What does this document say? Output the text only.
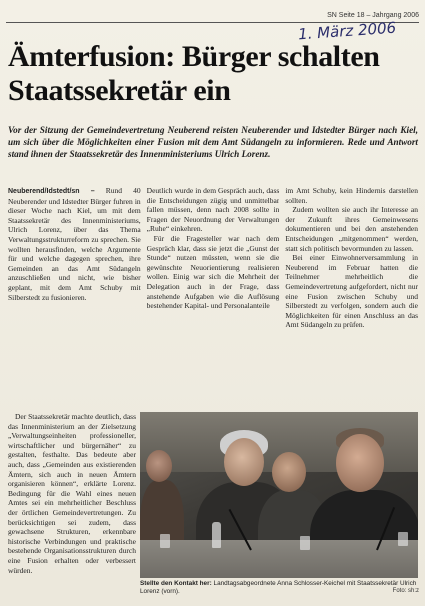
SN Seite 18 – Jahrgang 2006
1. März 2006
Ämterfusion: Bürger schalten Staatssekretär ein

Vor der Sitzung der Gemeindevertretung Neuberend reisten Neuberender und Idstedter Bürger nach Kiel, um sich über die Möglichkeiten einer Fusion mit dem Amt Südangeln zu informieren. Rede und Antwort stand ihnen der Staatssekretär des Innenministeriums Ulrich Lorenz.

Neuberend/Idstedt/sn – Rund 40 Neuberender und Idstedter Bürger fuhren in dieser Woche nach Kiel, um mit dem Staatssekretär des Innenministeriums, Ulrich Lorenz, über das Thema Verwaltungsstrukturreform zu sprechen. Sie wollten herausfinden, welche Argumente für und welche dagegen sprechen, ihre Gemeinden an das Amt Südangeln anzuschließen und nicht, wie bisher geplant, mit dem Amt Schuby mit Silberstedt zu fusionieren.

Deutlich wurde in dem Gespräch auch, dass die Entscheidungen zügig und unmittelbar fallen müssen, denn nach 2008 sollte in Fragen der Neuordnung der Verwaltungen „Ruhe“ einkehren.

Für die Fragesteller war nach dem Gespräch klar, dass sie jetzt die „Gunst der Stunde“ nutzen müssten, wenn sie die gewünschte Neuorientierung realisieren wollen. Einig war sich die Mehrheit der Delegation auch in der Frage, dass anstehende Aufgaben wie die Auflösung bestehender Kapital- und Personalanteile

im Amt Schuby, kein Hindernis darstellen sollten.

Zudem wollten sie auch ihr Interesse an der Zukunft ihres Gemeinwesens dokumentieren und bei den anstehenden Entscheidungen „mitgenommen“ werden, statt sich politisch bevormunden zu lassen.

Bei einer Einwohnerversammlung in Neuberend im Februar hatten die Teilnehmer mehrheitlich die Gemeindevertretung aufgefordert, nicht nur eine Fusion zwischen Schuby und Silberstedt zu verfolgen, sondern auch die Möglichkeiten für einen Anschluss an das Amt Südangeln zu prüfen.

Der Staatssekretär machte deutlich, dass das Innenministerium an der Zielsetzung „Verwaltungseinheiten professioneller, wirtschaftlicher und bürgernäher“ zu gestalten, festhalte. Das bedeute aber auch, dass „Gemeinden aus existierenden Ämtern, sich auch in neuen Ämtern organisieren können“, erklärte Lorenz. Bedingung für die Wahl eines neuen Amtes sei ein mehrheitlicher Beschluss der örtlichen Gemeindevertretungen. Zu berücksichtigen sei zudem, dass gewachsene Strukturen, erkennbare historische Verbindungen und praktische bestehende Organisationsstrukturen durch eine Fusion erhalten oder verbessert würden.

Stellte den Kontakt her: Landtagsabgeordnete Anna Schlosser-Keichel mit Staatssekretär Ulrich Lorenz (vorn).	Foto: sh:z
